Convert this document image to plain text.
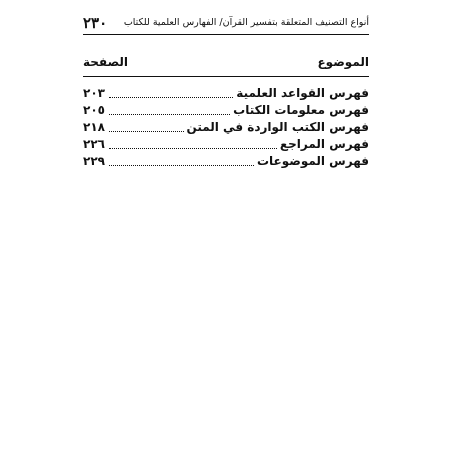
٢٣٠ أنواع التصنيف المتعلقة بتفسير القرآن/ الفهارس العلمية للكتاب
الموضوع
الصفحة
فهرس القواعد العلمية
٢٠٣
فهرس معلومات الكتاب
٢٠٥
فهرس الكتب الواردة في المتن
٢١٨
فهرس المراجع
٢٢٦
فهرس الموضوعات
٢٢٩
